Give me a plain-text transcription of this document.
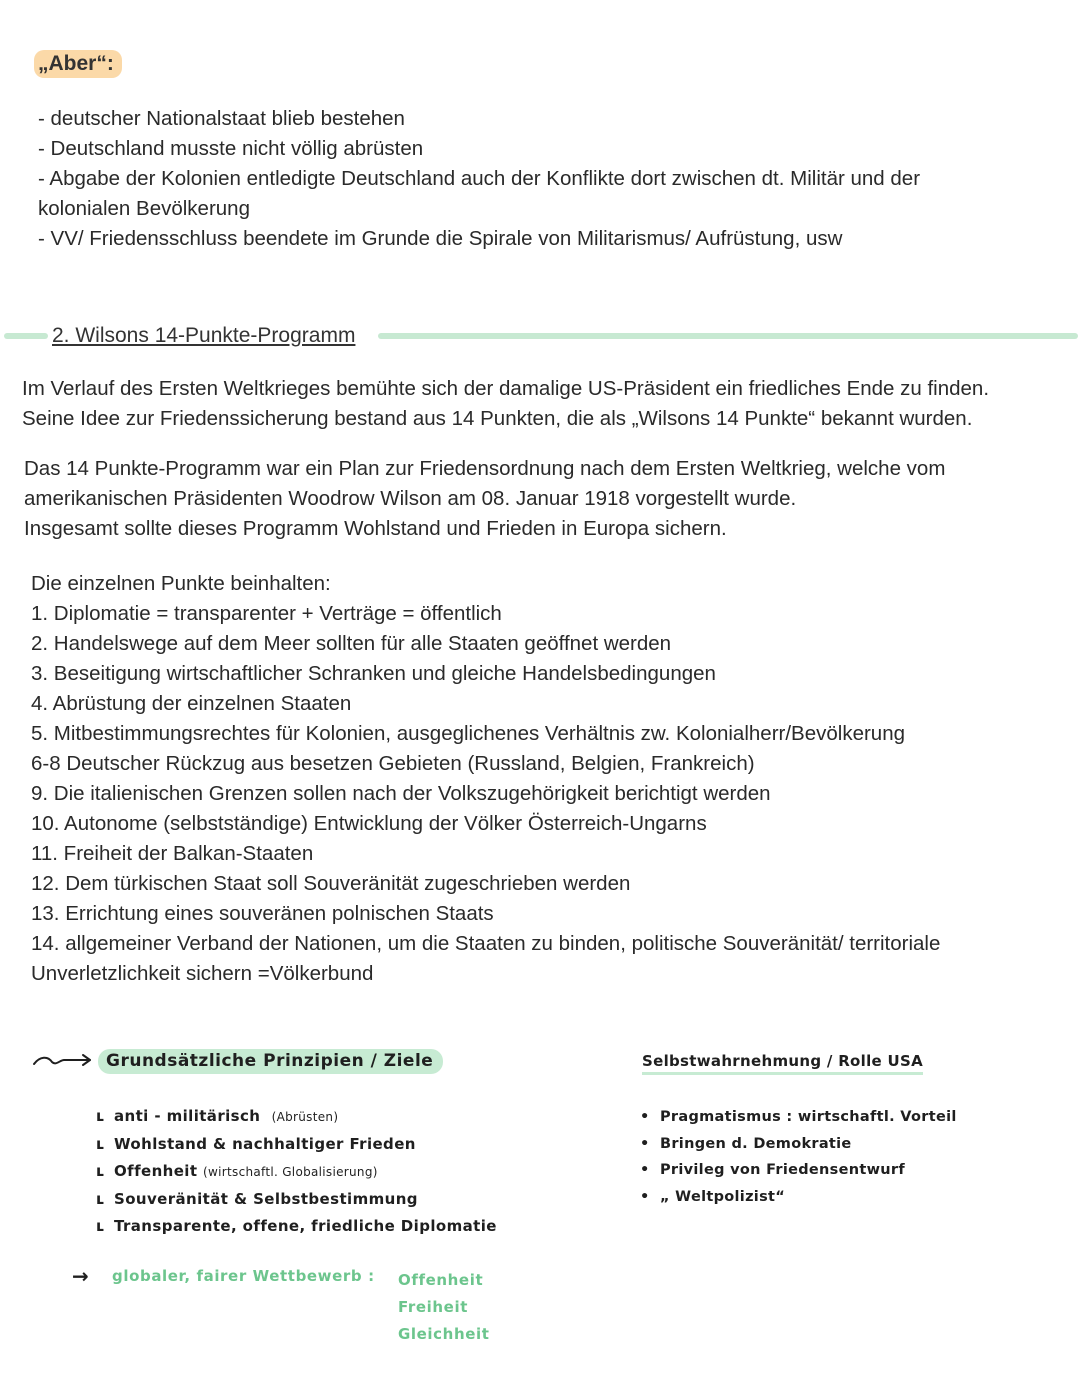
„Aber“:
- deutscher Nationalstaat blieb bestehen
- Deutschland musste nicht völlig abrüsten
- Abgabe der Kolonien entledigte Deutschland auch der Konflikte dort zwischen dt. Militär und der
kolonialen Bevölkerung
- VV/ Friedensschluss beendete im Grunde die Spirale von Militarismus/ Aufrüstung, usw
2. Wilsons 14-Punkte-Programm
Im Verlauf des Ersten Weltkrieges bemühte sich der damalige US-Präsident ein friedliches Ende zu finden.
Seine Idee zur Friedenssicherung bestand aus 14 Punkten, die als „Wilsons 14 Punkte“ bekannt wurden.
Das 14 Punkte-Programm war ein Plan zur Friedensordnung nach dem Ersten Weltkrieg, welche vom
amerikanischen Präsidenten Woodrow Wilson am 08. Januar 1918 vorgestellt wurde.
Insgesamt sollte dieses Programm Wohlstand und Frieden in Europa sichern.
Die einzelnen Punkte beinhalten:
1. Diplomatie = transparenter + Verträge = öffentlich
2. Handelswege auf dem Meer sollten für alle Staaten geöffnet werden
3. Beseitigung wirtschaftlicher Schranken und gleiche Handelsbedingungen
4. Abrüstung der einzelnen Staaten
5. Mitbestimmungsrechtes für Kolonien, ausgeglichenes Verhältnis zw. Kolonialherr/Bevölkerung
6-8 Deutscher Rückzug aus besetzen Gebieten (Russland, Belgien, Frankreich)
9. Die italienischen Grenzen sollen nach der Volkszugehörigkeit berichtigt werden
10. Autonome (selbstständige) Entwicklung der Völker Österreich-Ungarns
11. Freiheit der Balkan-Staaten
12. Dem türkischen Staat soll Souveränität zugeschrieben werden
13. Errichtung eines souveränen polnischen Staats
14. allgemeiner Verband der Nationen, um die Staaten zu binden, politische Souveränität/ territoriale
Unverletzlichkeit sichern =Völkerbund
Grundsätzliche Prinzipien / Ziele
ʟ anti - militärisch (Abrüsten)
ʟ Wohlstand & nachhaltiger Frieden
ʟ Offenheit (wirtschaftl. Globalisierung)
ʟ Souveränität & Selbstbestimmung
ʟ Transparente, offene, friedliche Diplomatie
→ globaler, fairer Wettbewerb : Offenheit
Freiheit
Gleichheit
Selbstwahrnehmung / Rolle USA
• Pragmatismus : wirtschaftl. Vorteil
• Bringen d. Demokratie
• Privileg von Friedensentwurf
• „ Weltpolizist“
